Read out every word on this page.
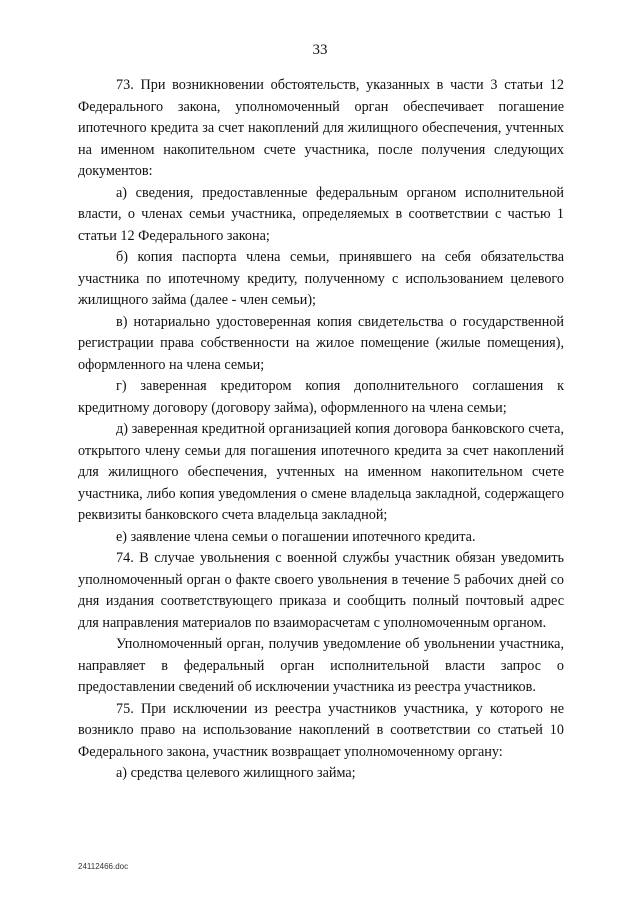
33

73. При возникновении обстоятельств, указанных в части 3 статьи 12 Федерального закона, уполномоченный орган обеспечивает погашение ипотечного кредита за счет накоплений для жилищного обеспечения, учтенных на именном накопительном счете участника, после получения следующих документов:

а) сведения, предоставленные федеральным органом исполнительной власти, о членах семьи участника, определяемых в соответствии с частью 1 статьи 12 Федерального закона;

б) копия паспорта члена семьи, принявшего на себя обязательства участника по ипотечному кредиту, полученному с использованием целевого жилищного займа (далее - член семьи);

в) нотариально удостоверенная копия свидетельства о государственной регистрации права собственности на жилое помещение (жилые помещения), оформленного на члена семьи;

г) заверенная кредитором копия дополнительного соглашения к кредитному договору (договору займа), оформленного на члена семьи;

д) заверенная кредитной организацией копия договора банковского счета, открытого члену семьи для погашения ипотечного кредита за счет накоплений для жилищного обеспечения, учтенных на именном накопительном счете участника, либо копия уведомления о смене владельца закладной, содержащего реквизиты банковского счета владельца закладной;

е) заявление члена семьи о погашении ипотечного кредита.

74. В случае увольнения с военной службы участник обязан уведомить уполномоченный орган о факте своего увольнения в течение 5 рабочих дней со дня издания соответствующего приказа и сообщить полный почтовый адрес для направления материалов по взаиморасчетам с уполномоченным органом.

Уполномоченный орган, получив уведомление об увольнении участника, направляет в федеральный орган исполнительной власти запрос о предоставлении сведений об исключении участника из реестра участников.

75. При исключении из реестра участников участника, у которого не возникло право на использование накоплений в соответствии со статьей 10 Федерального закона, участник возвращает уполномоченному органу:

а) средства целевого жилищного займа;

24112466.doc
